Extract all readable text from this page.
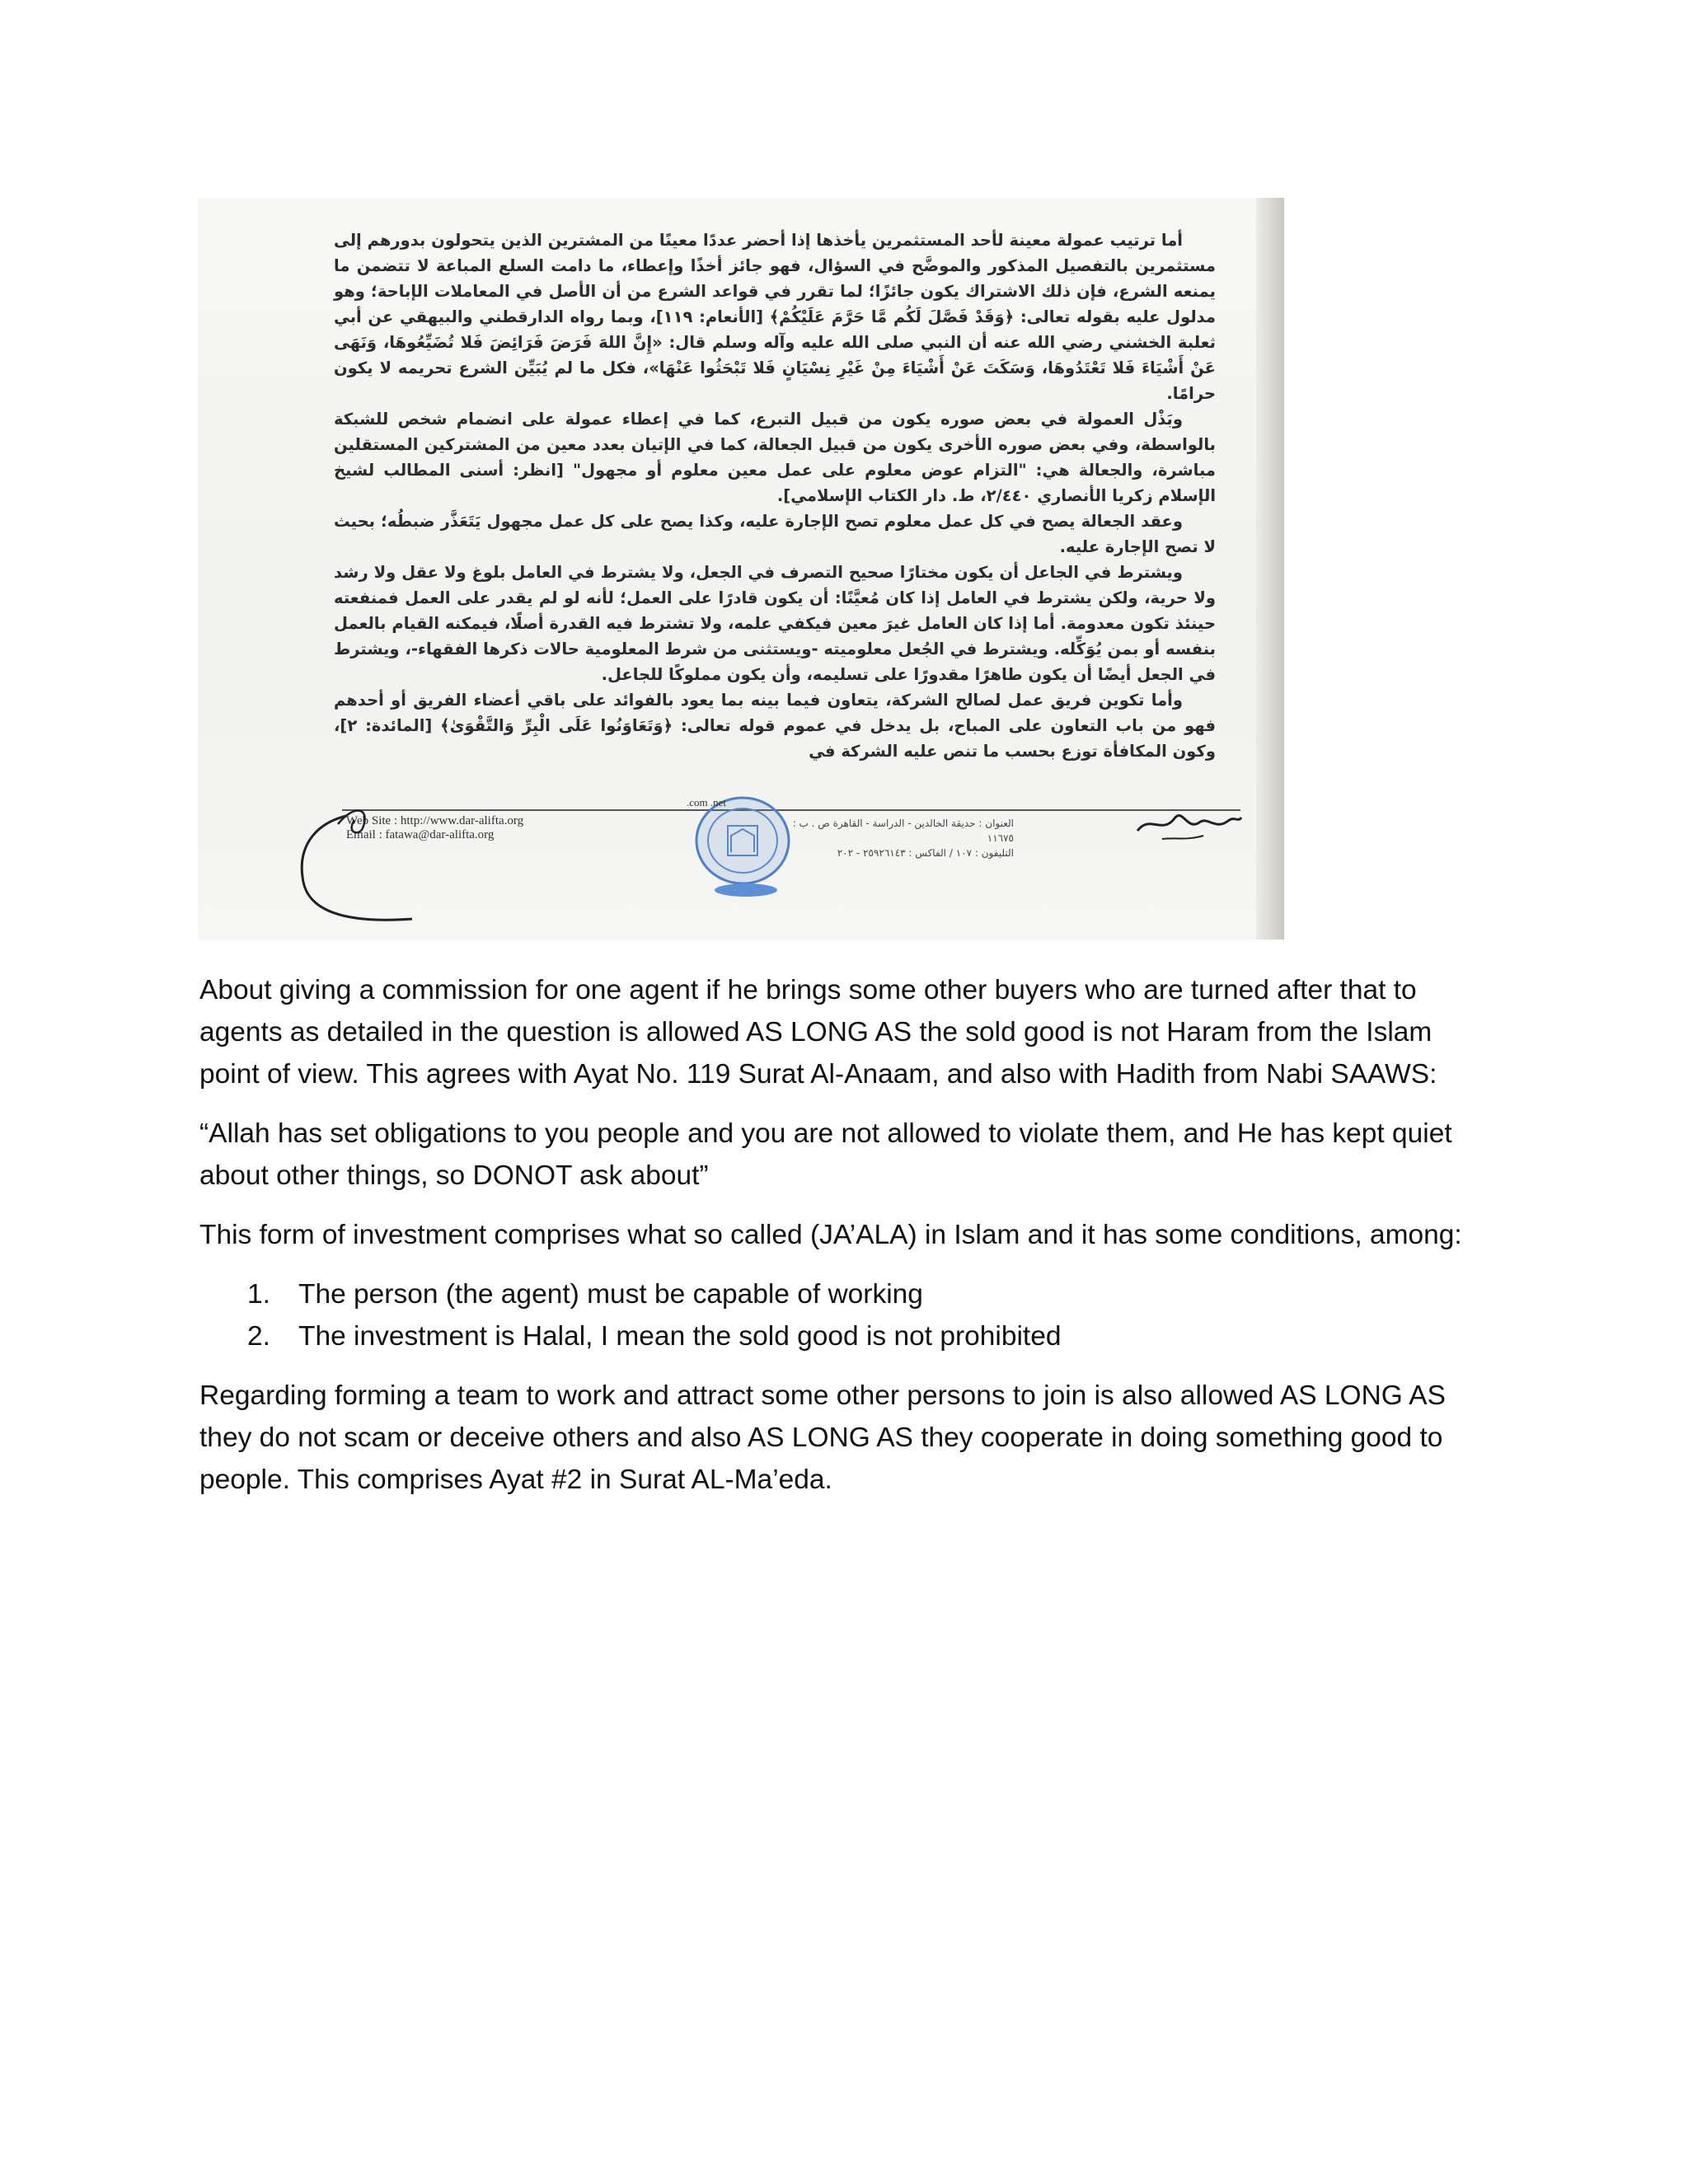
أما ترتيب عمولة معينة لأحد المستثمرين يأخذها إذا أحضر عددًا معينًا من المشترين الذين يتحولون بدورهم إلى مستثمرين بالتفصيل المذكور والموضَّح في السؤال، فهو جائز أخذًا وإعطاء، ما دامت السلع المباعة لا تتضمن ما يمنعه الشرع، فإن ذلك الاشتراك يكون جائزًا؛ لما تقرر في قواعد الشرع من أن الأصل في المعاملات الإباحة؛ وهو مدلول عليه بقوله تعالى: ﴿وَقَدْ فَصَّلَ لَكُم مَّا حَرَّمَ عَلَيْكُمْ﴾ [الأنعام: ١١٩]، وبما رواه الدارقطني والبيهقي عن أبي ثعلبة الخشني رضي الله عنه أن النبي صلى الله عليه وآله وسلم قال: «إِنَّ اللهَ فَرَضَ فَرَائِضَ فَلا تُضَيِّعُوهَا، وَنَهَى عَنْ أَشْيَاءَ فَلا تَعْتَدُوهَا، وَسَكَتَ عَنْ أَشْيَاءَ مِنْ غَيْرِ نِسْيَانٍ فَلا تَبْحَثُوا عَنْهَا»، فكل ما لم يُبَيِّن الشرع تحريمه لا يكون حرامًا.

وبَذْل العمولة في بعض صوره يكون من قبيل التبرع، كما في إعطاء عمولة على انضمام شخص للشبكة بالواسطة، وفي بعض صوره الأخرى يكون من قبيل الجعالة، كما في الإتيان بعدد معين من المشتركين المستقلين مباشرة، والجعالة هي: "التزام عوض معلوم على عمل معين معلوم أو مجهول" [انظر: أسنى المطالب لشيخ الإسلام زكريا الأنصاري ٢/٤٤٠، ط. دار الكتاب الإسلامي].

وعقد الجعالة يصح في كل عمل معلوم تصح الإجارة عليه، وكذا يصح على كل عمل مجهول يَتَعَذَّر ضبطُه؛ بحيث لا تصح الإجارة عليه.

ويشترط في الجاعل أن يكون مختارًا صحيح التصرف في الجعل، ولا يشترط في العامل بلوغ ولا عقل ولا رشد ولا حرية، ولكن يشترط في العامل إذا كان مُعيَّنًا: أن يكون قادرًا على العمل؛ لأنه لو لم يقدر على العمل فمنفعته حينئذ تكون معدومة. أما إذا كان العامل غيرَ معين فيكفي علمه، ولا تشترط فيه القدرة أصلًا، فيمكنه القيام بالعمل بنفسه أو بمن يُوَكِّله. ويشترط في الجُعل معلوميته -ويستثنى من شرط المعلومية حالات ذكرها الفقهاء-، ويشترط في الجعل أيضًا أن يكون طاهرًا مقدورًا على تسليمه، وأن يكون مملوكًا للجاعل.

وأما تكوين فريق عمل لصالح الشركة، يتعاون فيما بينه بما يعود بالفوائد على باقي أعضاء الفريق أو أحدهم فهو من باب التعاون على المباح، بل يدخل في عموم قوله تعالى: ﴿وَتَعَاوَنُوا عَلَى الْبِرِّ وَالتَّقْوَىٰ﴾ [المائدة: ٢]، وكون المكافأة توزع بحسب ما تنص عليه الشركة في

Web Site : http://www.dar-alifta.org
Email : fatawa@dar-alifta.org
العنوان : حديقة الخالدين - الدراسة - القاهرة ص . ب : ١١٦٧٥
التليفون : ١٠٧ / الفاكس : ٢٥٩٢٦١٤٣ - ٢٠٢
.com .net

About giving a commission for one agent if he brings some other buyers who are turned after that to agents as detailed in the question is allowed AS LONG AS the sold good is not Haram from the Islam point of view. This agrees with Ayat No. 119 Surat Al-Anaam, and also with Hadith from Nabi SAAWS:

“Allah has set obligations to you people and you are not allowed to violate them, and He has kept quiet about other things, so DONOT ask about”

This form of investment comprises what so called (JA’ALA) in Islam and it has some conditions, among:

1. The person (the agent) must be capable of working
2. The investment is Halal, I mean the sold good is not prohibited

Regarding forming a team to work and attract some other persons to join is also allowed AS LONG AS they do not scam or deceive others and also AS LONG AS they cooperate in doing something good to people. This comprises Ayat #2 in Surat AL-Ma’eda.
